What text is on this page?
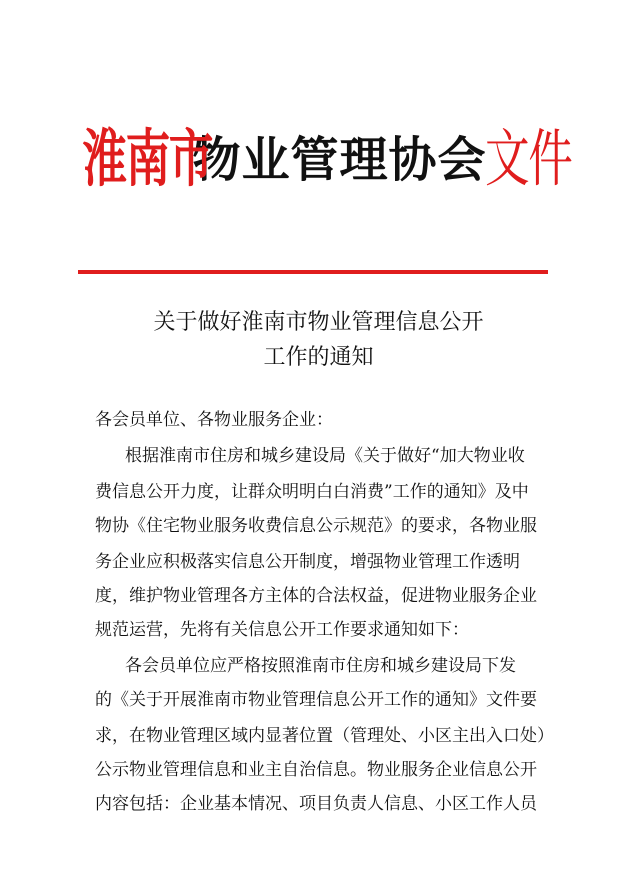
淮南市物业管理协会文件
关于做好淮南市物业管理信息公开
工作的通知
各会员单位、各物业服务企业：
根据淮南市住房和城乡建设局《关于做好“加大物业收
费信息公开力度，让群众明明白白消费”工作的通知》及中
物协《住宅物业服务收费信息公示规范》的要求，各物业服
务企业应积极落实信息公开制度，增强物业管理工作透明
度，维护物业管理各方主体的合法权益，促进物业服务企业
规范运营，先将有关信息公开工作要求通知如下：
各会员单位应严格按照淮南市住房和城乡建设局下发
的《关于开展淮南市物业管理信息公开工作的通知》文件要
求，在物业管理区域内显著位置（管理处、小区主出入口处）
公示物业管理信息和业主自治信息。物业服务企业信息公开
内容包括：企业基本情况、项目负责人信息、小区工作人员
